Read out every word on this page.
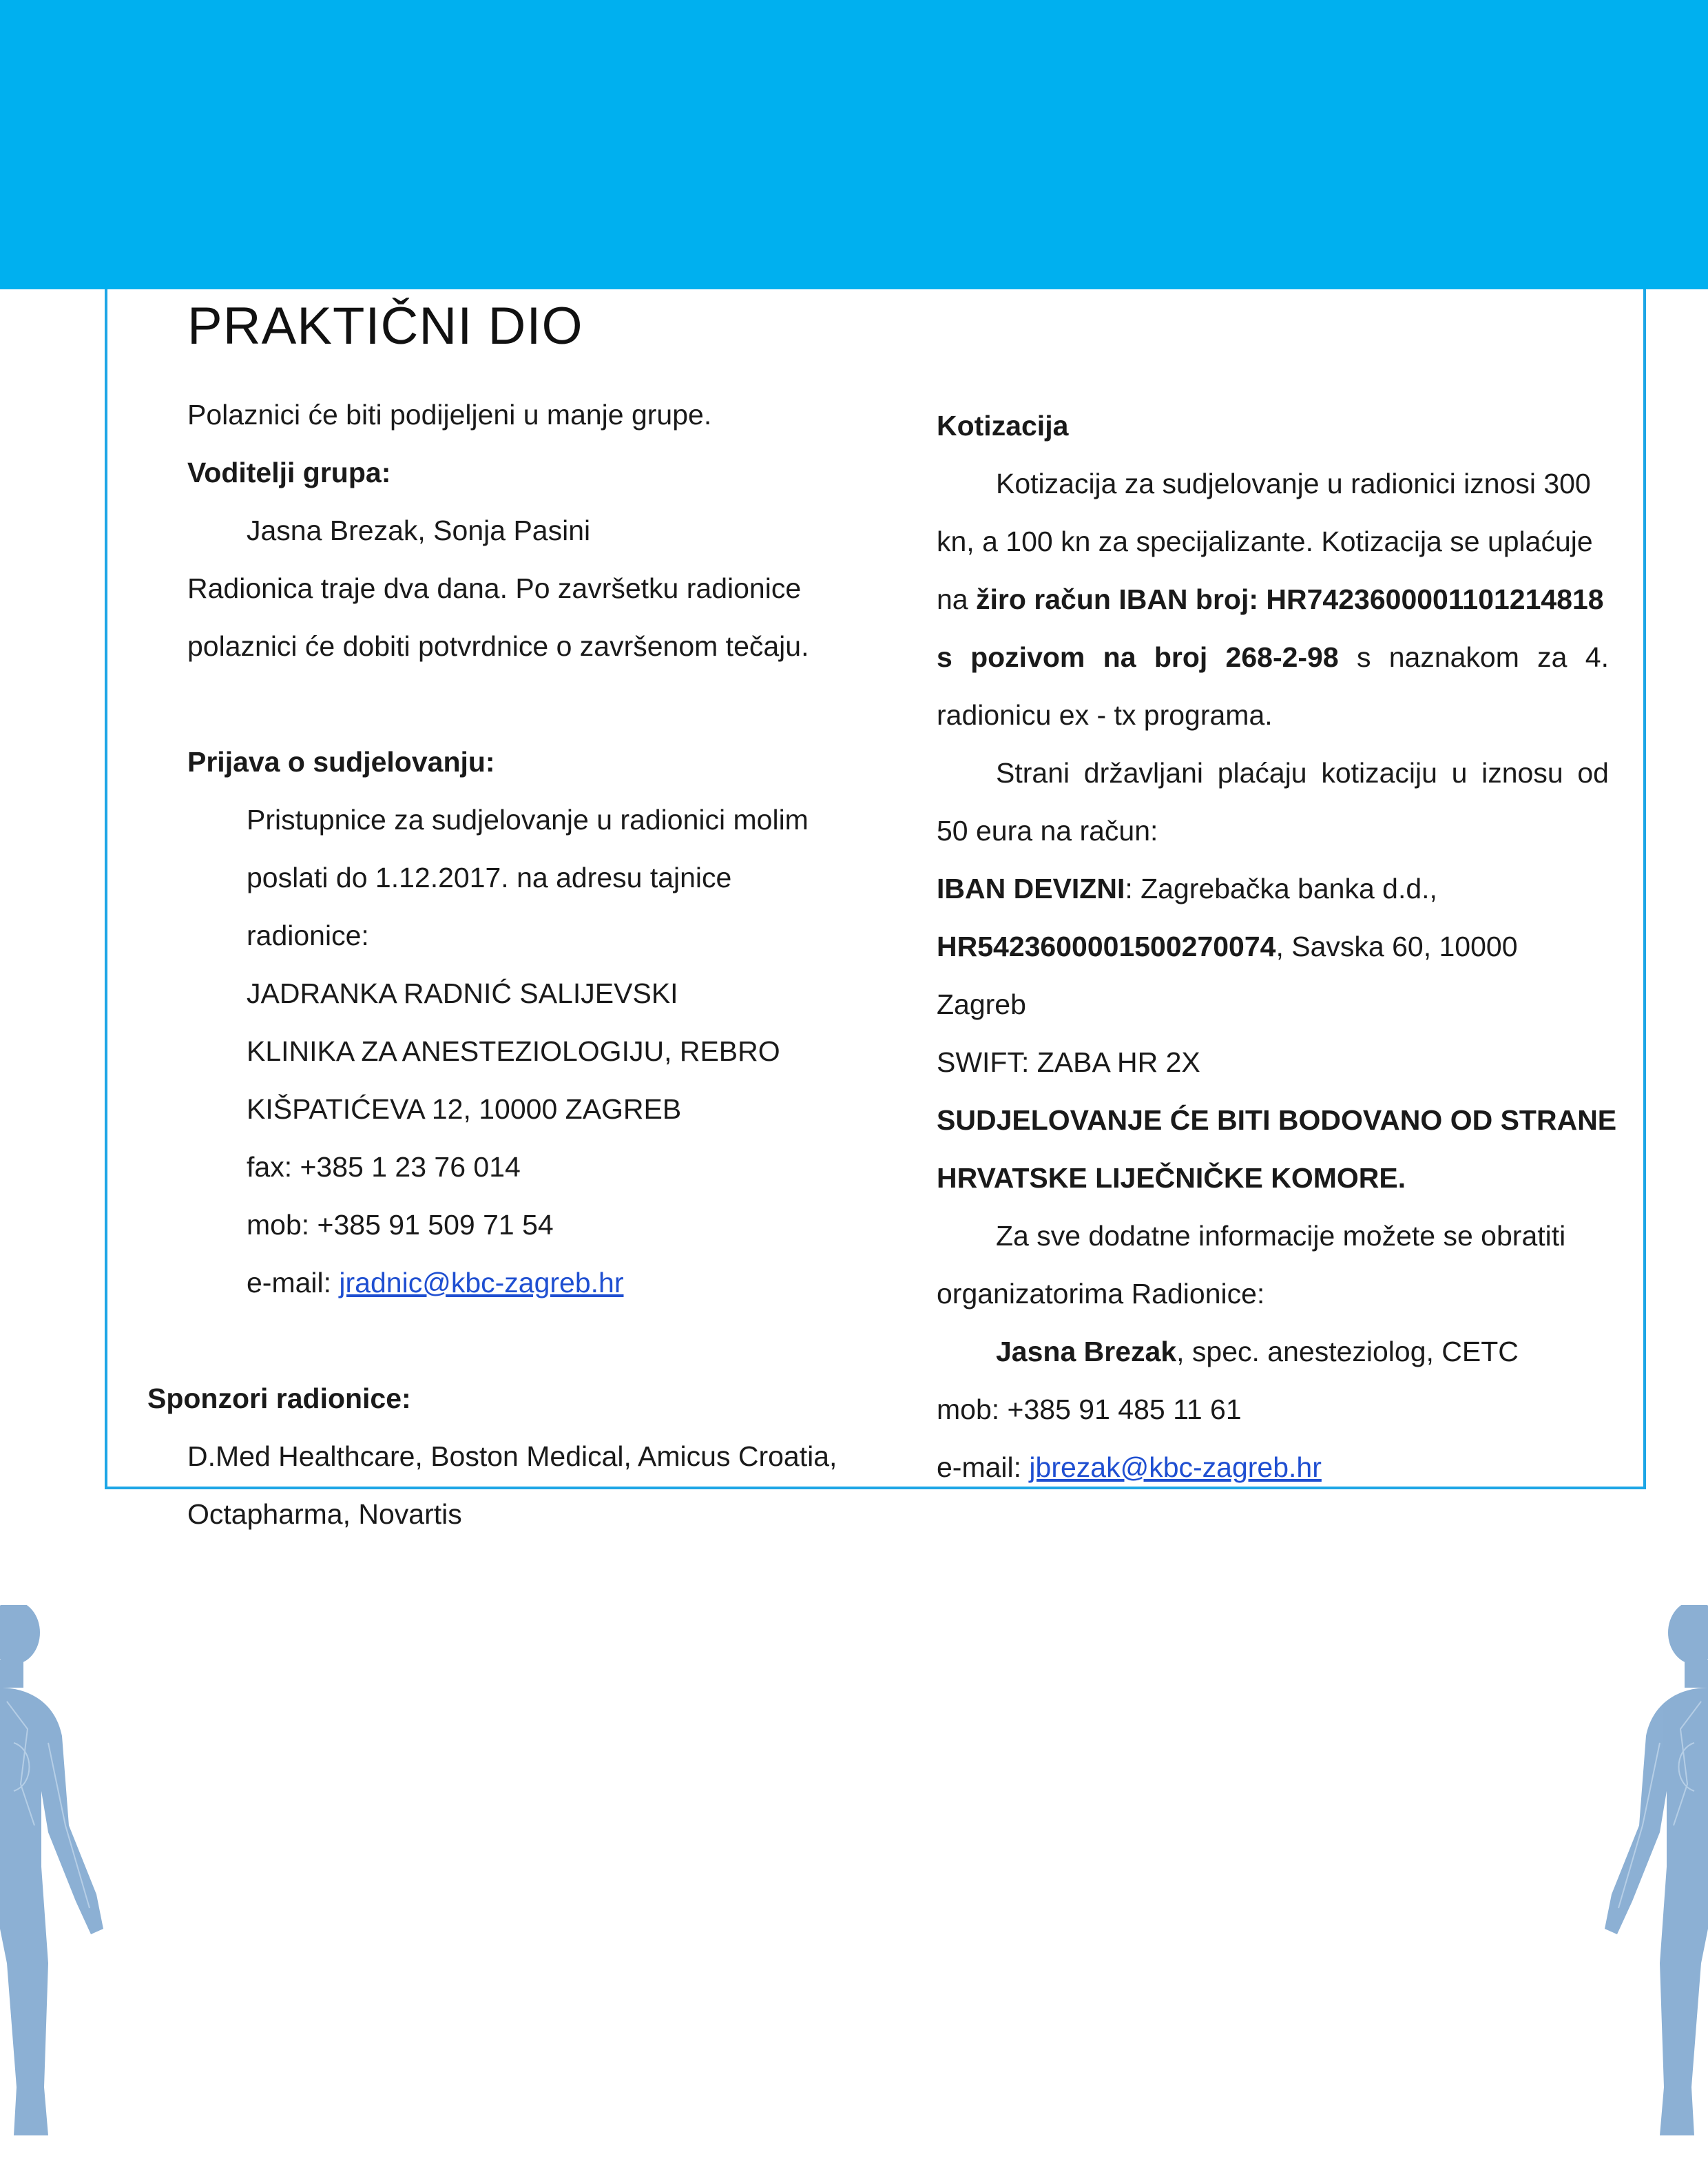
PRAKTIČNI DIO
Polaznici će biti podijeljeni u manje grupe.
Voditelji grupa:
Jasna Brezak, Sonja Pasini
Radionica traje dva dana. Po završetku radionice
polaznici će dobiti potvrdnice o završenom tečaju.
Prijava o sudjelovanju:
Pristupnice za sudjelovanje u radionici molim
poslati do 1.12.2017. na adresu tajnice
radionice:
JADRANKA RADNIĆ SALIJEVSKI
KLINIKA ZA ANESTEZIOLOGIJU, REBRO
KIŠPATIĆEVA 12, 10000 ZAGREB
fax: +385 1 23 76 014
mob: +385 91 509 71 54
e-mail: jradnic@kbc-zagreb.hr
Sponzori radionice:
D.Med Healthcare, Boston Medical, Amicus Croatia,
Octapharma, Novartis
Kotizacija
Kotizacija za sudjelovanje u radionici iznosi 300
kn, a 100 kn za specijalizante. Kotizacija se uplaćuje
na žiro račun IBAN broj: HR7423600001101214818
s pozivom na broj 268-2-98 s naznakom za 4.
radionicu ex - tx programa.
Strani državljani plaćaju kotizaciju u iznosu od
50 eura na račun:
IBAN DEVIZNI: Zagrebačka banka d.d.,
HR5423600001500270074, Savska 60, 10000
Zagreb
SWIFT: ZABA HR 2X
SUDJELOVANJE ĆE BITI BODOVANO OD STRANE
HRVATSKE LIJEČNIČKE KOMORE.
Za sve dodatne informacije možete se obratiti
organizatorima Radionice:
Jasna Brezak, spec. anesteziolog, CETC
mob: +385 91 485 11 61
e-mail: jbrezak@kbc-zagreb.hr
